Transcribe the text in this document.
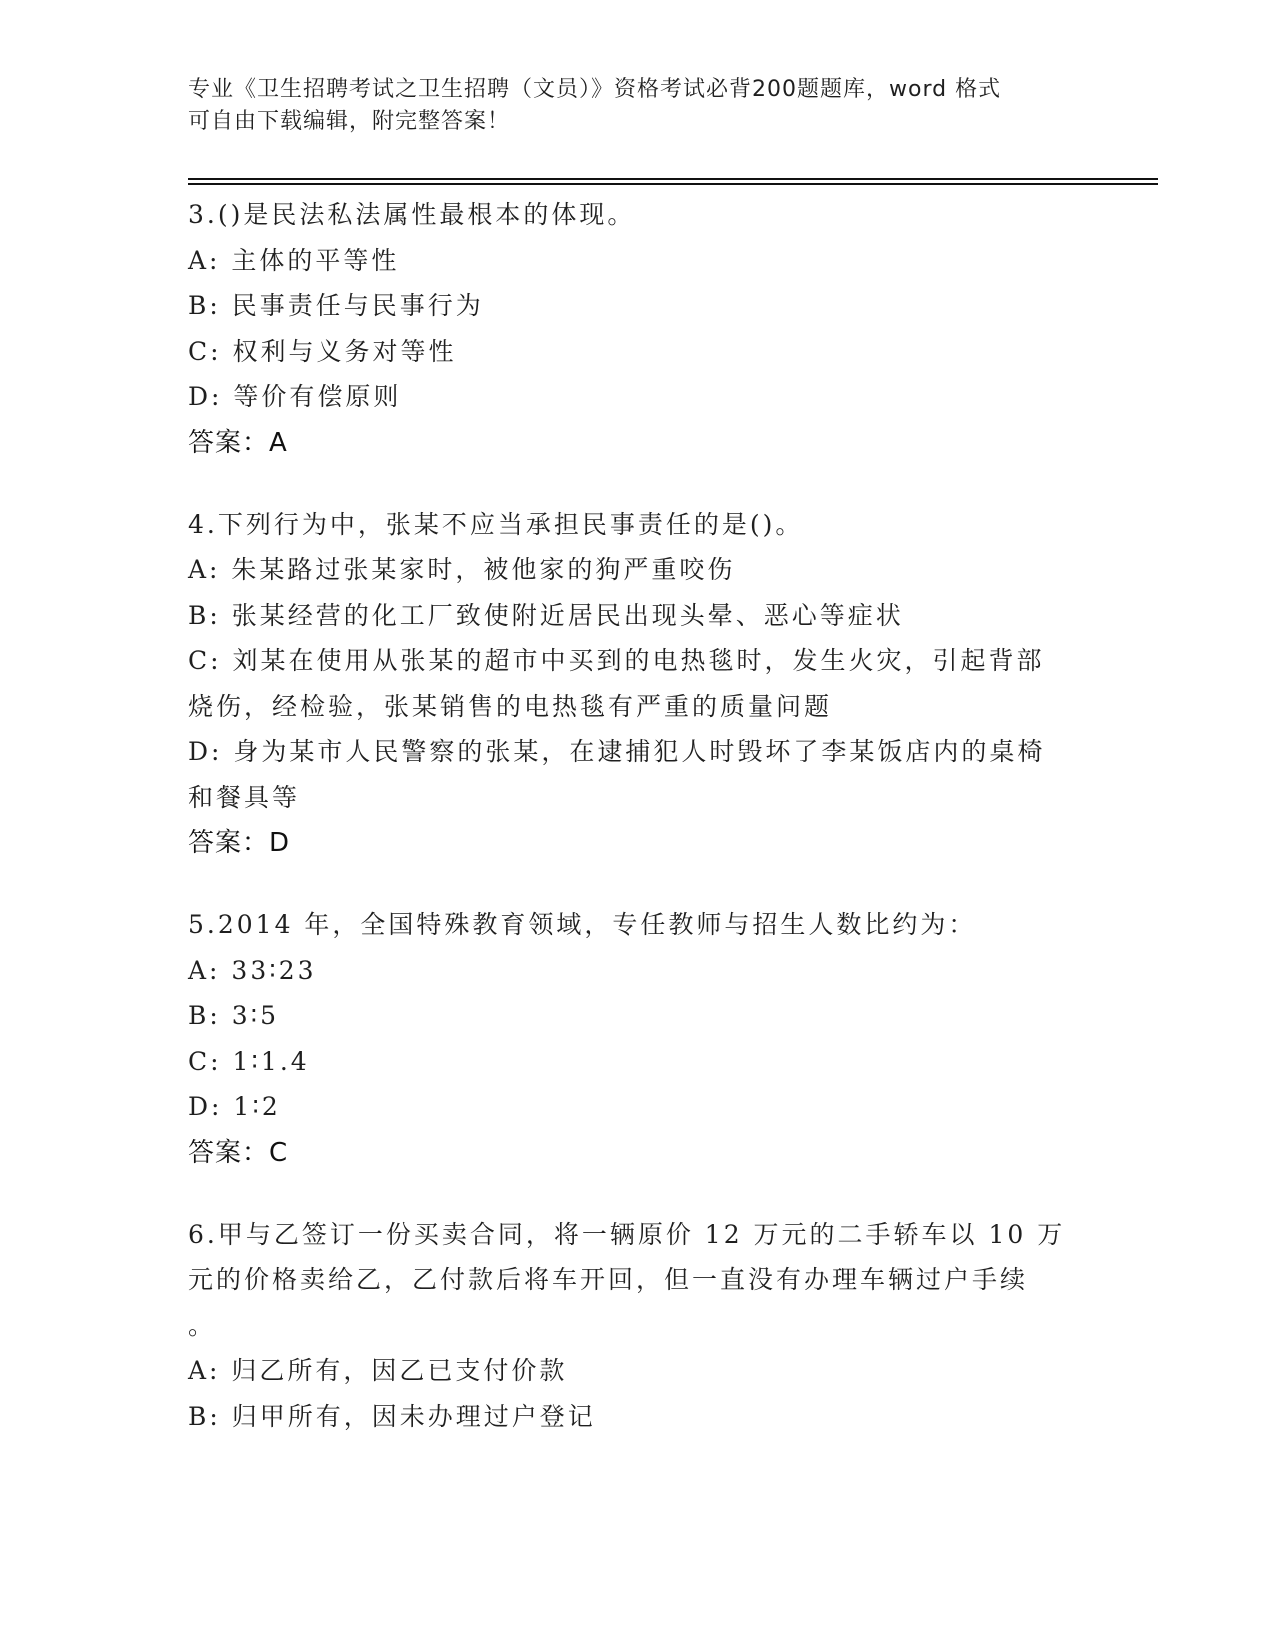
专业《卫生招聘考试之卫生招聘（文员）》资格考试必背200题题库，word 格式
可自由下载编辑，附完整答案！

3.()是民法私法属性最根本的体现。

A: 主体的平等性

B: 民事责任与民事行为

C: 权利与义务对等性

D: 等价有偿原则

答案：A

4.下列行为中，张某不应当承担民事责任的是()。

A: 朱某路过张某家时，被他家的狗严重咬伤

B: 张某经营的化工厂致使附近居民出现头晕、恶心等症状

C: 刘某在使用从张某的超市中买到的电热毯时，发生火灾，引起背部

烧伤，经检验，张某销售的电热毯有严重的质量问题

D: 身为某市人民警察的张某，在逮捕犯人时毁坏了李某饭店内的桌椅

和餐具等

答案：D

5.2014 年，全国特殊教育领域，专任教师与招生人数比约为：

A: 33∶23

B: 3∶5

C: 1∶1.4

D: 1∶2

答案：C

6.甲与乙签订一份买卖合同，将一辆原价 12 万元的二手轿车以 10 万

元的价格卖给乙，乙付款后将车开回，但一直没有办理车辆过户手续

。

A: 归乙所有，因乙已支付价款

B: 归甲所有，因未办理过户登记
